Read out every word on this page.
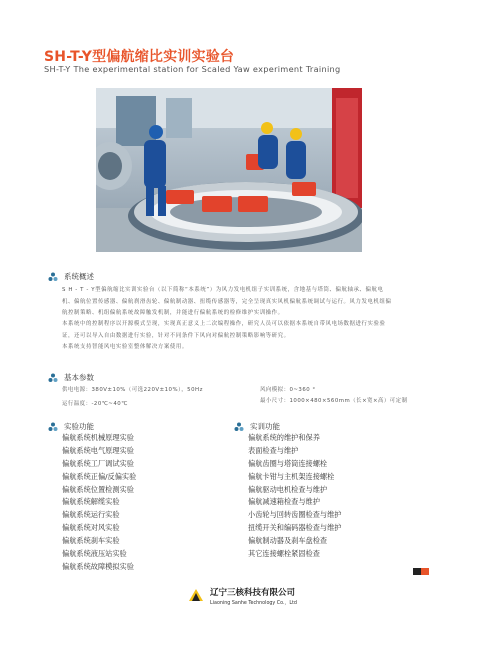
SH-T-Y型偏航缩比实训实验台
SH-T-Y The experimental station for Scaled Yaw experiment Training
系统概述
S H - T - Y型偏航缩比实训实验台（以下简称“本系统”）为风力发电机组子实训系统，含地基与塔筒、偏航轴承、偏航电机、偏航位置传感器、偏航刹滑齿轮、偏航制动器、扭缆传感器等，完全呈现真实风机偏航系统调试与运行。风力发电机组偏航控制策略、机组偏航系统故障触发机制，并能进行偏航系统的检修维护实训操作。
本系统中的控制程序以开源模式呈现，实现真正意义上二次编程操作，研究人员可以依据本系统自带风电场数据进行实验验证，还可以导入自由数据进行实验，针对不同条件下风向对偏航控制策略影响等研究。
本系统支持智能风电实验室整体解决方案使用。
基本参数
供电电源：380V±10%（可选220V±10%），50Hz
运行温度：-20℃~40℃
风向模拟：0~360 °
最小尺寸：1000×480×560mm（长×宽×高）可定制
实验功能
偏航系统机械原理实验
偏航系统电气原理实验
偏航系统工厂调试实验
偏航系统正偏/反偏实验
偏航系统位置检测实验
偏航系统解缆实验
偏航系统运行实验
偏航系统对风实验
偏航系统刹车实验
偏航系统液压站实验
偏航系统故障模拟实验
实训功能
偏航系统的维护和保养
表面检查与维护
偏航齿圈与塔筒连接螺栓
偏航卡钳与主机架连接螺栓
偏航驱动电机检查与维护
偏航减速箱检查与维护
小齿轮与回转齿圈检查与维护
扭缆开关和编码器检查与维护
偏航制动器及刹车盘检查
其它连接螺栓紧固检查
辽宁三核科技有限公司
Liaoning Sanhe Technology Co.，Ltd
